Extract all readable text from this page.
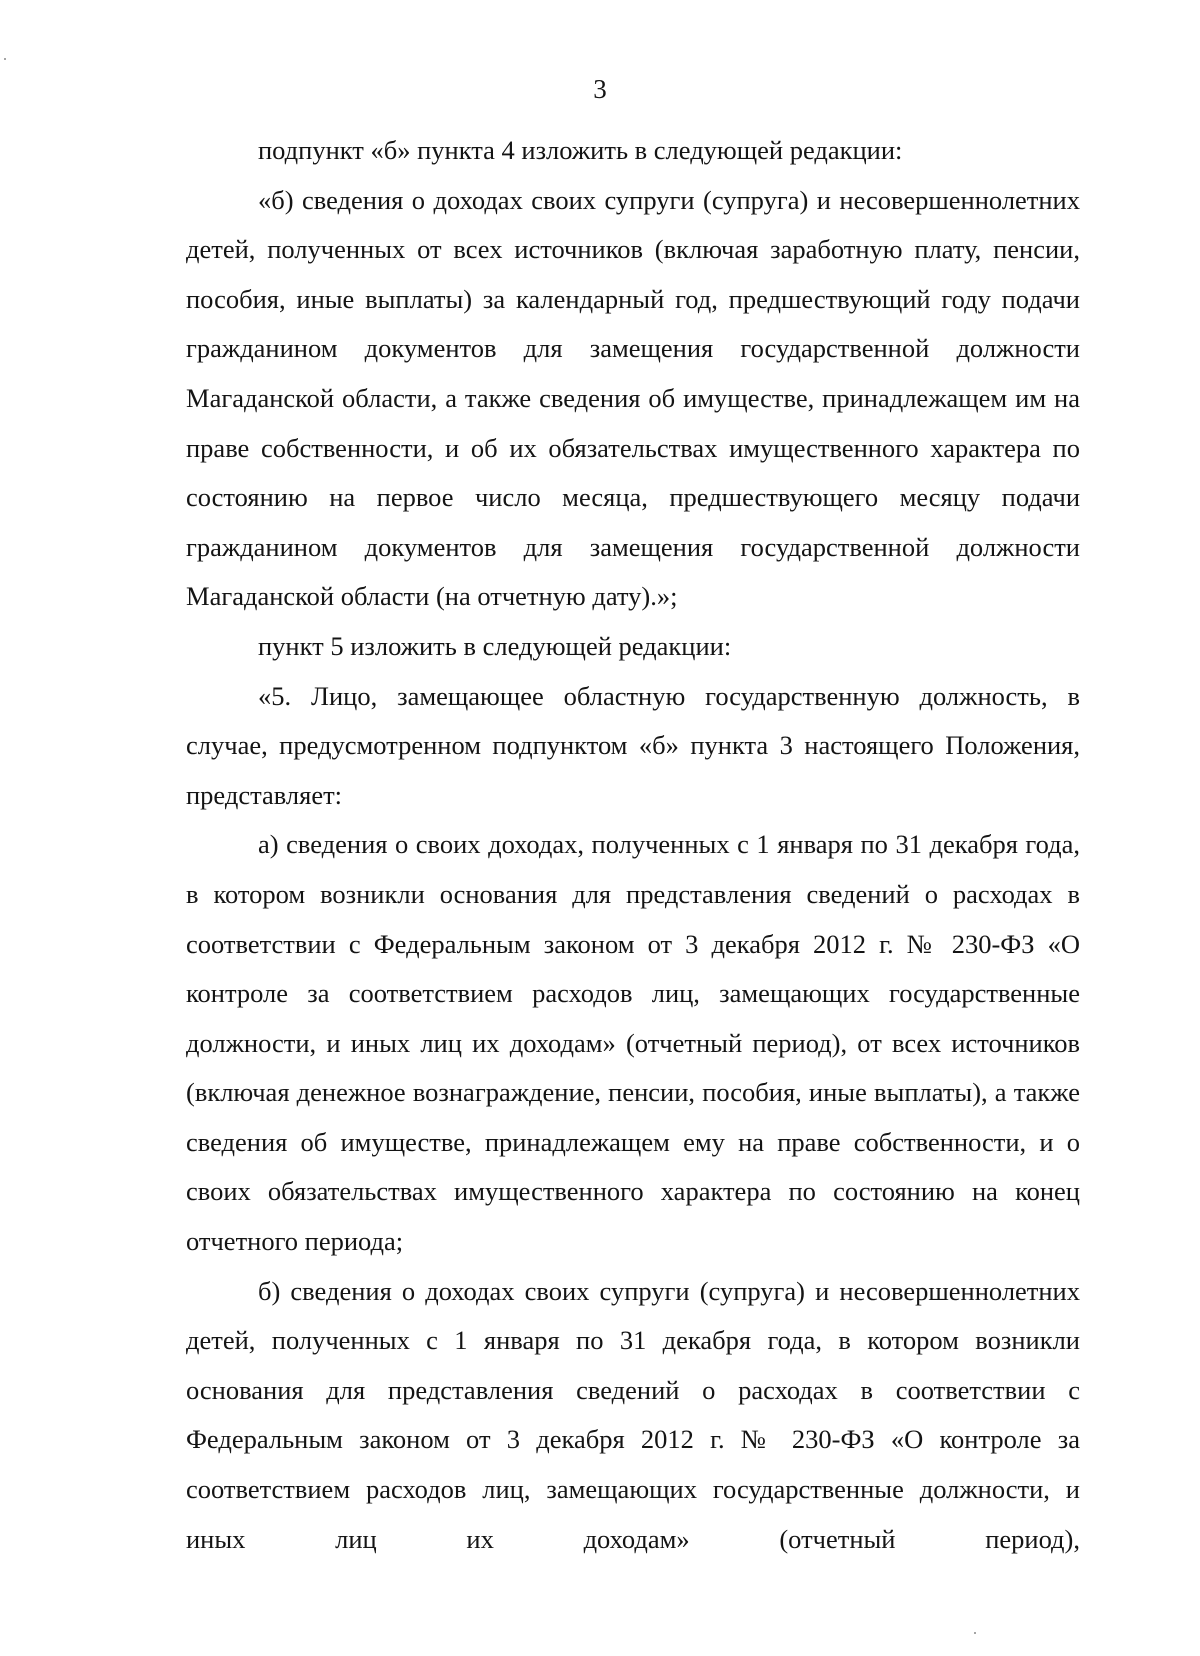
3

подпункт «б» пункта 4 изложить в следующей редакции:

«б) сведения о доходах своих супруги (супруга) и несовершеннолетних детей, полученных от всех источников (включая заработную плату, пенсии, пособия, иные выплаты) за календарный год, предшествующий году подачи гражданином документов для замещения государственной должности Магаданской области, а также сведения об имуществе, принадлежащем им на праве собственности, и об их обязательствах имущественного характера по состоянию на первое число месяца, предшествующего месяцу подачи гражданином документов для замещения государственной должности Магаданской области (на отчетную дату).»;

пункт 5 изложить в следующей редакции:

«5. Лицо, замещающее областную государственную должность, в случае, предусмотренном подпунктом «б» пункта 3 настоящего Положения, представляет:

а) сведения о своих доходах, полученных с 1 января по 31 декабря года, в котором возникли основания для представления сведений о расходах в соответствии с Федеральным законом от 3 декабря 2012 г. № 230-ФЗ «О контроле за соответствием расходов лиц, замещающих государственные должности, и иных лиц их доходам» (отчетный период), от всех источников (включая денежное вознаграждение, пенсии, пособия, иные выплаты), а также сведения об имуществе, принадлежащем ему на праве собственности, и о своих обязательствах имущественного характера по состоянию на конец отчетного периода;

б) сведения о доходах своих супруги (супруга) и несовершеннолетних детей, полученных с 1 января по 31 декабря года, в котором возникли основания для представления сведений о расходах в соответствии с Федеральным законом от 3 декабря 2012 г. № 230-ФЗ «О контроле за соответствием расходов лиц, замещающих государственные должности, и иных лиц их доходам» (отчетный период),
